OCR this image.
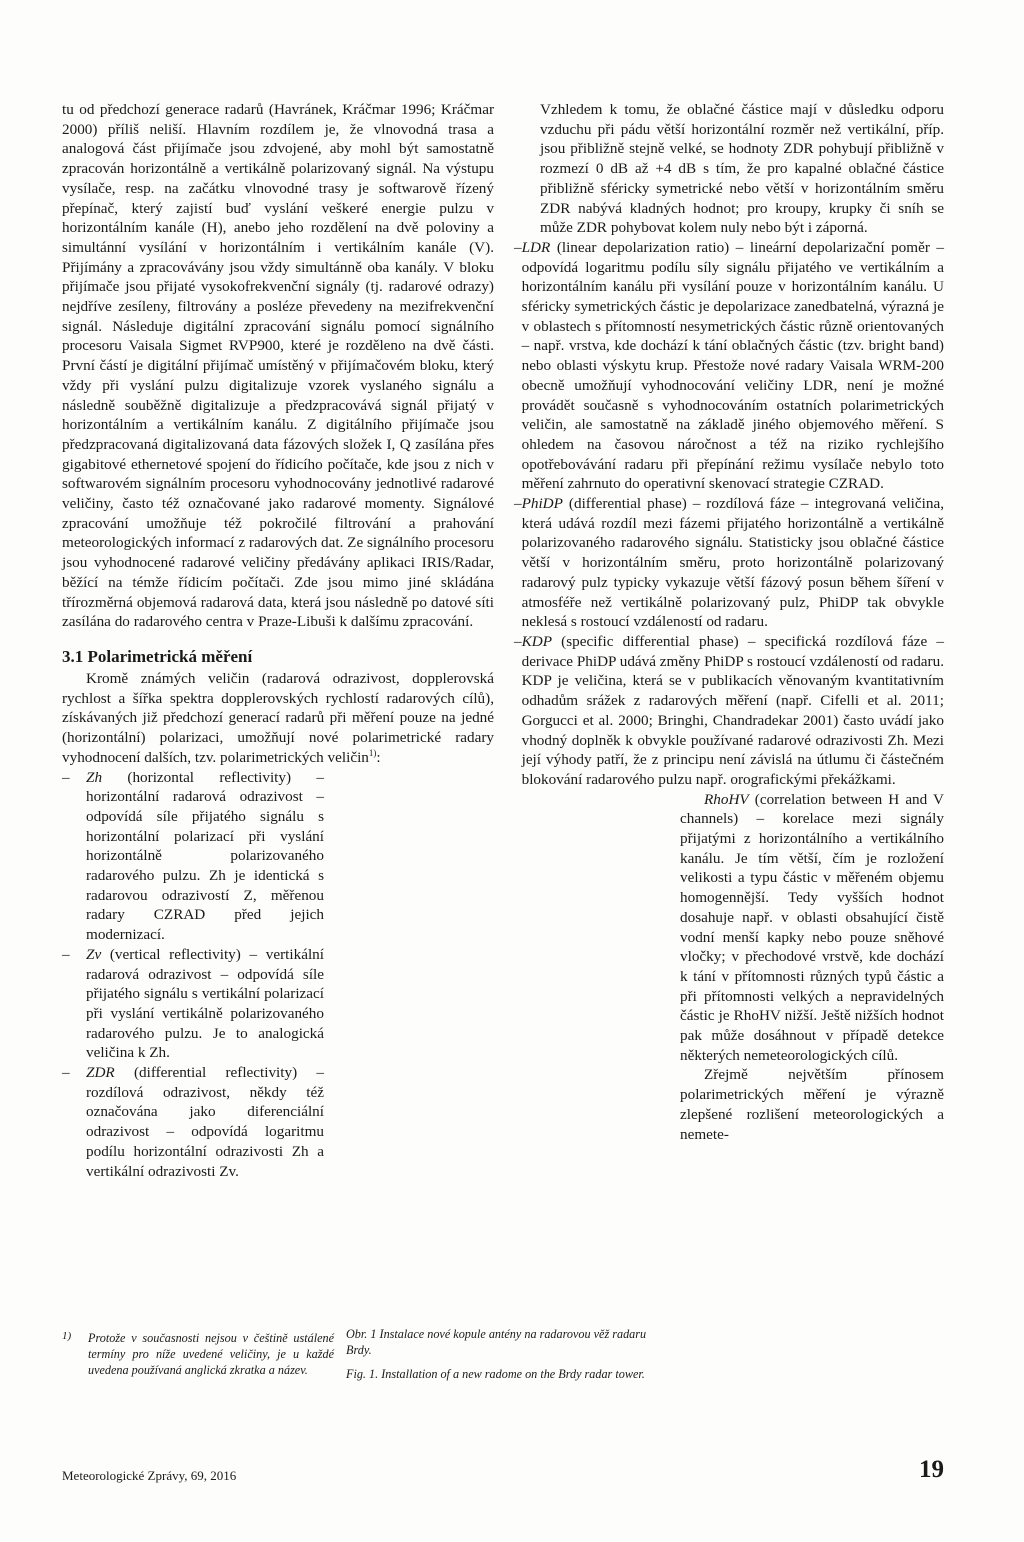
tu od předchozí generace radarů (Havránek, Kráčmar 1996; Kráčmar 2000) příliš neliší. Hlavním rozdílem je, že vlnovodná trasa a analogová část přijímače jsou zdvojené, aby mohl být samostatně zpracován horizontálně a vertikálně polarizovaný signál. Na výstupu vysílače, resp. na začátku vlnovodné trasy je softwarově řízený přepínač, který zajistí buď vyslání veškeré energie pulzu v horizontálním kanále (H), anebo jeho rozdělení na dvě poloviny a simultánní vysílání v horizontálním i vertikálním kanále (V). Přijímány a zpracovávány jsou vždy simultánně oba kanály. V bloku přijímače jsou přijaté vysokofrekvenční signály (tj. radarové odrazy) nejdříve zesíleny, filtrovány a posléze převedeny na mezifrekvenční signál. Následuje digitální zpracování signálu pomocí signálního procesoru Vaisala Sigmet RVP900, které je rozděleno na dvě části. První částí je digitální přijímač umístěný v přijímačovém bloku, který vždy při vyslání pulzu digitalizuje vzorek vyslaného signálu a následně souběžně digitalizuje a předzpracovává signál přijatý v horizontálním a vertikálním kanálu. Z digitálního přijímače jsou předzpracovaná digitalizovaná data fázových složek I, Q zasílána přes gigabitové ethernetové spojení do řídicího počítače, kde jsou z nich v softwarovém signálním procesoru vyhodnocovány jednotlivé radarové veličiny, často též označované jako radarové momenty. Signálové zpracování umožňuje též pokročilé filtrování a prahování meteorologických informací z radarových dat. Ze signálního procesoru jsou vyhodnocené radarové veličiny předávány aplikaci IRIS/Radar, běžící na témže řídicím počítači. Zde jsou mimo jiné skládána třírozměrná objemová radarová data, která jsou následně po datové síti zasílána do radarového centra v Praze-Libuši k dalšímu zpracování.

3.1 Polarimetrická měření

Kromě známých veličin (radarová odrazivost, dopplerovská rychlost a šířka spektra dopplerovských rychlostí radarových cílů), získávaných již předchozí generací radarů při měření pouze na jedné (horizontální) polarizaci, umožňují nové polarimetrické radary vyhodnocení dalších, tzv. polarimetrických veličin$^{1)}$:

–	Zh (horizontal reflectivity) – horizontální radarová odrazivost – odpovídá síle přijatého signálu s horizontální polarizací při vyslání horizontálně polarizovaného radarového pulzu. Zh je identická s radarovou odrazivostí Z, měřenou radary CZRAD před jejich modernizací.
–	Zv (vertical reflectivity) – vertikální radarová odrazivost – odpovídá síle přijatého signálu s vertikální polarizací při vyslání vertikálně polarizovaného radarového pulzu. Je to analogická veličina k Zh.
–	ZDR (differential reflectivity) – rozdílová odrazivost, někdy též označována jako diferenciální odrazivost – odpovídá logaritmu podílu horizontální odrazivosti Zh a vertikální odrazivosti Zv.

Vzhledem k tomu, že oblačné částice mají v důsledku odporu vzduchu při pádu větší horizontální rozměr než vertikální, příp. jsou přibližně stejně velké, se hodnoty ZDR pohybují přibližně v rozmezí 0 dB až +4 dB s tím, že pro kapalné oblačné částice přibližně sféricky symetrické nebo větší v horizontálním směru ZDR nabývá kladných hodnot; pro kroupy, krupky či sníh se může ZDR pohybovat kolem nuly nebo být i záporná.

– LDR (linear depolarization ratio) – lineární depolarizační poměr – odpovídá logaritmu podílu síly signálu přijatého ve vertikálním a horizontálním kanálu při vysílání pouze v horizontálním kanálu. U sféricky symetrických částic je depolarizace zanedbatelná, výrazná je v oblastech s přítomností nesymetrických částic různě orientovaných – např. vrstva, kde dochází k tání oblačných částic (tzv. bright band) nebo oblasti výskytu krup. Přestože nové radary Vaisala WRM-200 obecně umožňují vyhodnocování veličiny LDR, není je možné provádět současně s vyhodnocováním ostatních polarimetrických veličin, ale samostatně na základě jiného objemového měření. S ohledem na časovou náročnost a též na riziko rychlejšího opotřebovávání radaru při přepínání režimu vysílače nebylo toto měření zahrnuto do operativní skenovací strategie CZRAD.
– PhiDP (differential phase) – rozdílová fáze – integrovaná veličina, která udává rozdíl mezi fázemi přijatého horizontálně a vertikálně polarizovaného radarového signálu. Statisticky jsou oblačné částice větší v horizontálním směru, proto horizontálně polarizovaný radarový pulz typicky vykazuje větší fázový posun během šíření v atmosféře než vertikálně polarizovaný pulz, PhiDP tak obvykle neklesá s rostoucí vzdáleností od radaru.
– KDP (specific differential phase) – specifická rozdílová fáze – derivace PhiDP udává změny PhiDP s rostoucí vzdáleností od radaru. KDP je veličina, která se v publikacích věnovaným kvantitativním odhadům srážek z radarových měření (např. Cifelli et al. 2011; Gorgucci et al. 2000; Bringhi, Chandradekar 2001) často uvádí jako vhodný doplněk k obvykle používané radarové odrazivosti Zh. Mezi její výhody patří, že z principu není závislá na útlumu či částečném blokování radarového pulzu např. orografickými překážkami.

RhoHV (correlation between H and V channels) – korelace mezi signály přijatými z horizontálního a vertikálního kanálu. Je tím větší, čím je rozložení velikosti a typu částic v měřeném objemu homogennější. Tedy vyšších hodnot dosahuje např. v oblasti obsahující čistě vodní menší kapky nebo pouze sněhové vločky; v přechodové vrstvě, kde dochází k tání v přítomnosti různých typů částic a při přítomnosti velkých a nepravidelných částic je RhoHV nižší. Ještě nižších hodnot pak může dosáhnout v případě detekce některých nemeteorologických cílů.

Zřejmě největším přínosem polarimetrických měření je výrazně zlepšené rozlišení meteorologických a nemete-

1)	Protože v současnosti nejsou v češtině ustálené termíny pro níže uvedené veličiny, je u každé uvedena používaná anglická zkratka a název.
Obr. 1 Instalace nové kopule antény na radarovou věž radaru Brdy.
Fig. 1. Installation of a new radome on the Brdy radar tower.
Meteorologické Zprávy, 69, 2016	19
